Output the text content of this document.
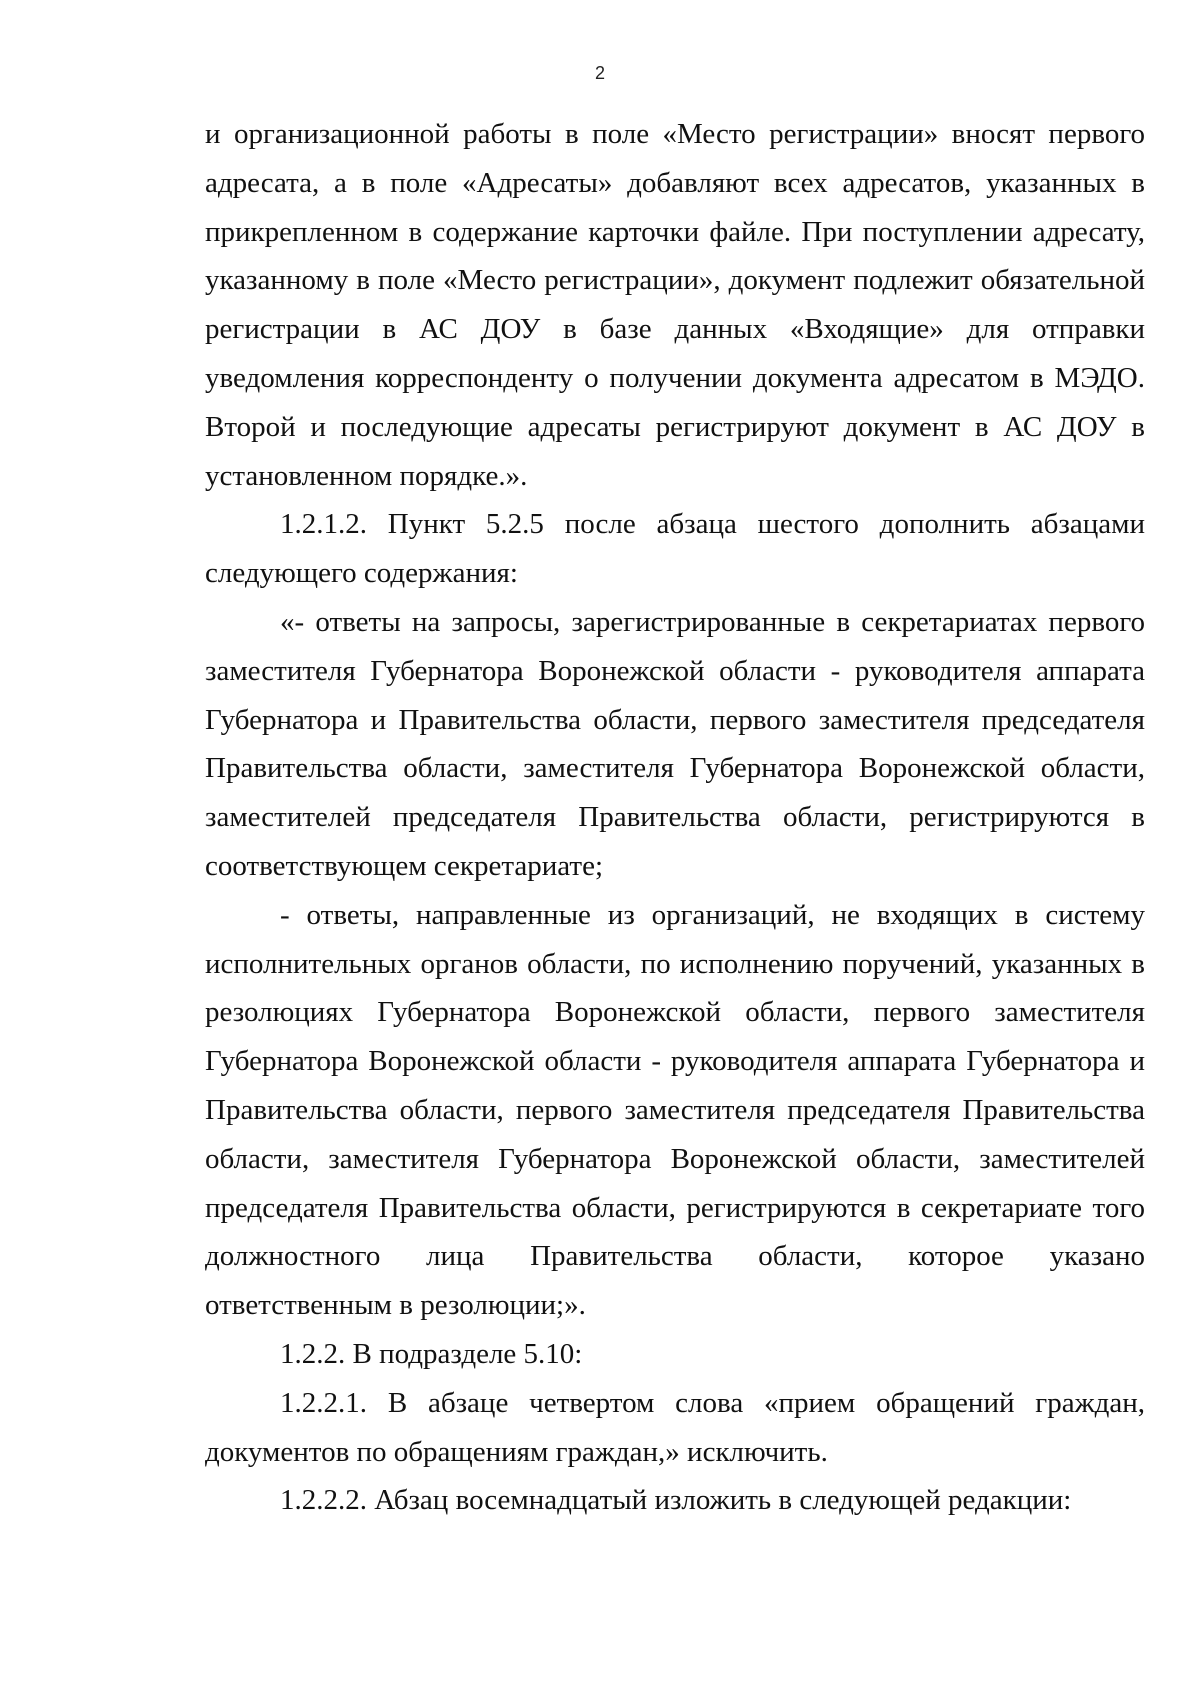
2

и организационной работы в поле «Место регистрации» вносят первого адресата, а в поле «Адресаты» добавляют всех адресатов, указанных в прикрепленном в содержание карточки файле. При поступлении адресату, указанному в поле «Место регистрации», документ подлежит обязательной регистрации в АС ДОУ в базе данных «Входящие» для отправки уведомления корреспонденту о получении документа адресатом в МЭДО. Второй и последующие адресаты регистрируют документ в АС ДОУ в установленном порядке.».

1.2.1.2. Пункт 5.2.5 после абзаца шестого дополнить абзацами следующего содержания:

«- ответы на запросы, зарегистрированные в секретариатах первого заместителя Губернатора Воронежской области - руководителя аппарата Губернатора и Правительства области, первого заместителя председателя Правительства области, заместителя Губернатора Воронежской области, заместителей председателя Правительства области, регистрируются в соответствующем секретариате;

- ответы, направленные из организаций, не входящих в систему исполнительных органов области, по исполнению поручений, указанных в резолюциях Губернатора Воронежской области, первого заместителя Губернатора Воронежской области - руководителя аппарата Губернатора и Правительства области, первого заместителя председателя Правительства области, заместителя Губернатора Воронежской области, заместителей председателя Правительства области, регистрируются в секретариате того должностного лица Правительства области, которое указано ответственным в резолюции;».

1.2.2. В подразделе 5.10:

1.2.2.1. В абзаце четвертом слова «прием обращений граждан, документов по обращениям граждан,» исключить.

1.2.2.2. Абзац восемнадцатый изложить в следующей редакции:
